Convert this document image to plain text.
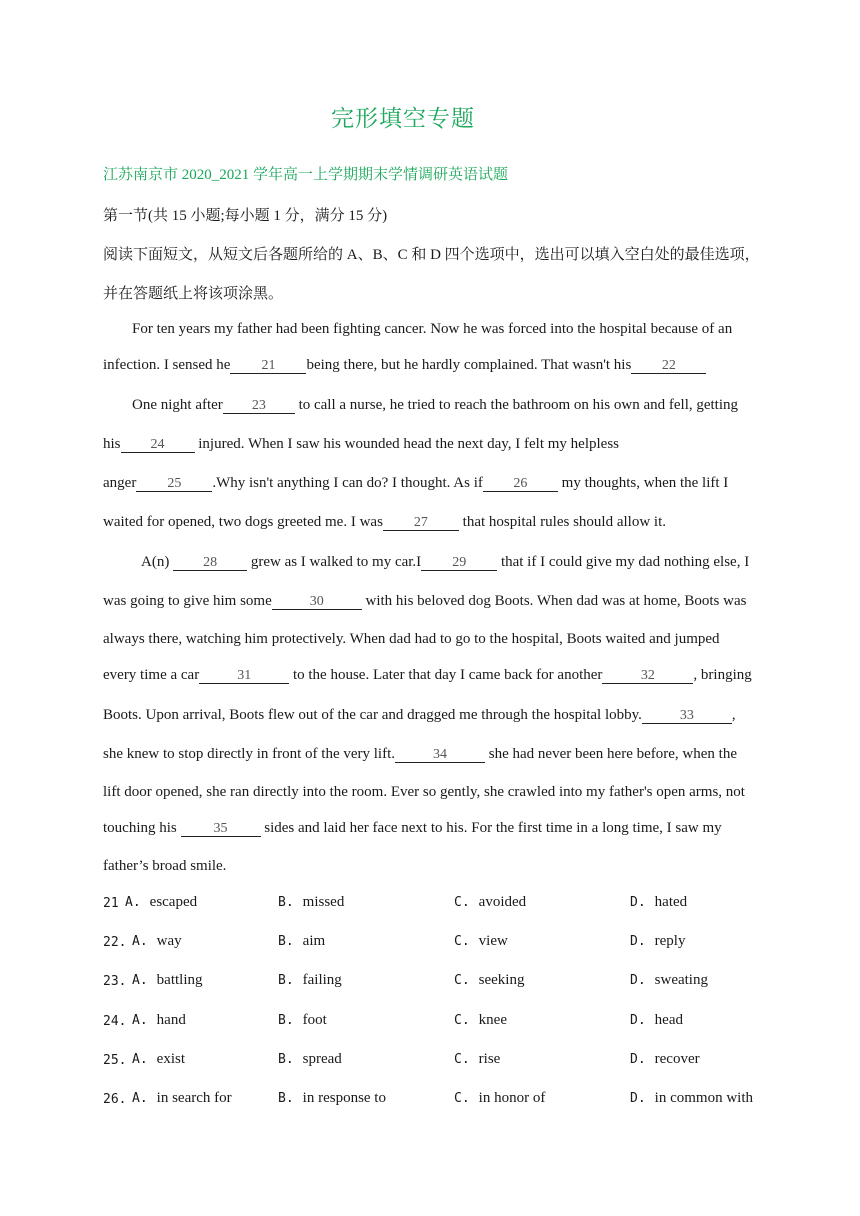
完形填空专题
江苏南京市 2020_2021 学年高一上学期期末学情调研英语试题
第一节(共 15 小题;每小题 1 分，满分 15 分)
阅读下面短文，从短文后各题所给的 A、B、C 和 D 四个选项中，选出可以填入空白处的最佳选项，
并在答题纸上将该项涂黑。
For ten years my father had been fighting cancer. Now he was forced into the hospital because of an
infection. I sensed he 21 being there, but he hardly complained. That wasn't his 22
One night after 23 to call a nurse, he tried to reach the bathroom on his own and fell, getting
his 24 injured. When I saw his wounded head the next day, I felt my helpless
anger 25 .Why isn't anything I can do? I thought. As if 26 my thoughts, when the lift I
waited for opened, two dogs greeted me. I was 27 that hospital rules should allow it.
A(n) 28 grew as I walked to my car.I 29 that if I could give my dad nothing else, I
was going to give him some	30	with his beloved dog Boots. When dad was at home, Boots was
always there, watching him protectively. When dad had to go to the hospital, Boots waited and jumped
every time a car	31	to the house. Later that day I came back for another	32	, bringing
Boots. Upon arrival, Boots flew out of the car and dragged me through the hospital lobby.	33	,
she knew to stop directly in front of the very lift.	34	she had never been here before, when the
lift door opened, she ran directly into the room. Ever so gently, she crawled into my father's open arms, not
touching his 35 sides and laid her face next to his. For the first time in a long time, I saw my
father’s broad smile.
21 A. escaped	B. missed	C. avoided	D. hated
22. A. way	B. aim	C. view	D. reply
23. A. battling	B. failing	C. seeking	D. sweating
24. A. hand	B. foot	C. knee	D. head
25. A. exist	B. spread	C. rise	D. recover
26. A. in search for	B. in response to	C. in honor of	D. in common with
